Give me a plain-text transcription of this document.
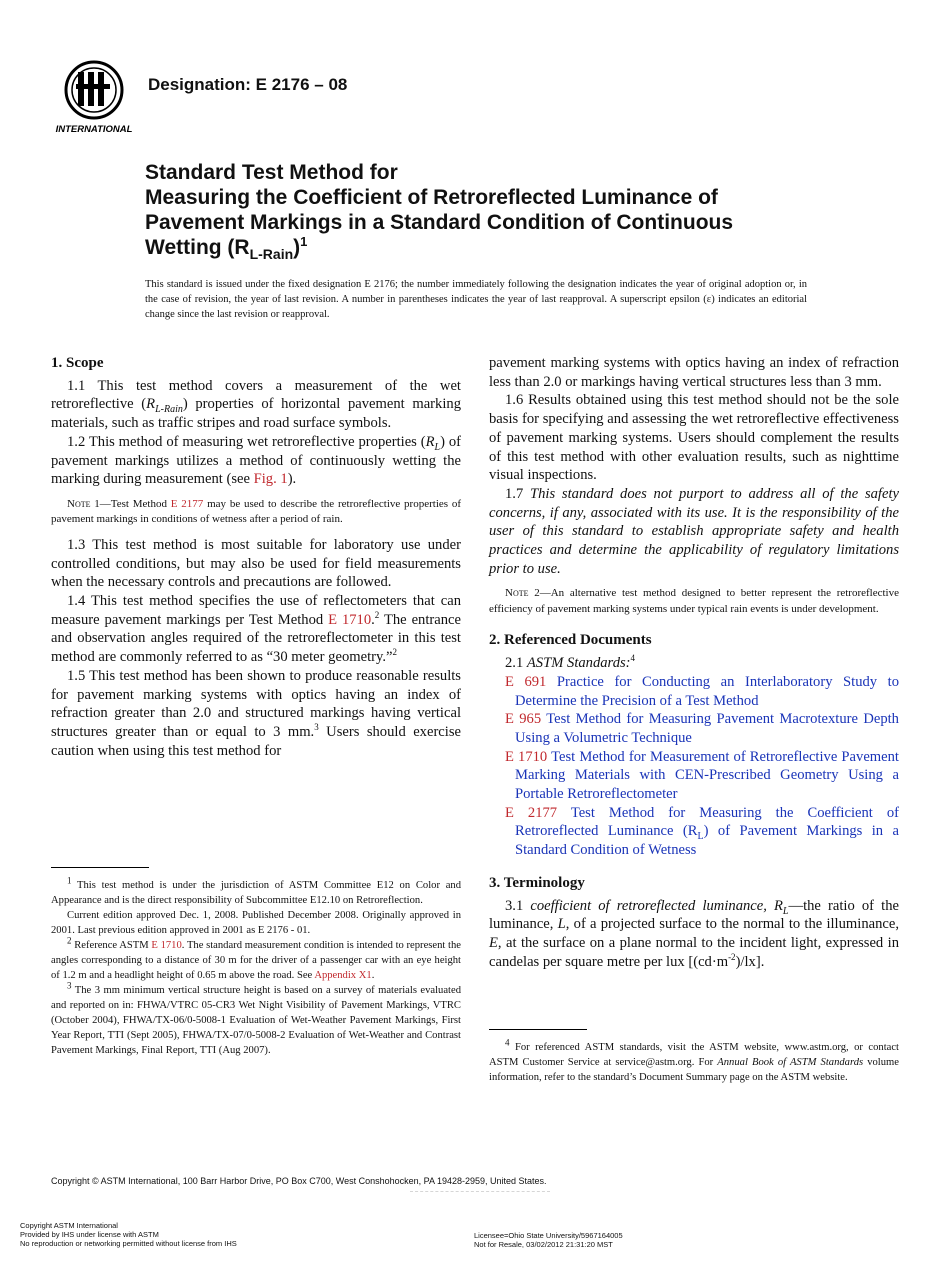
INTERNATIONAL
Designation: E 2176 – 08
Standard Test Method for
Measuring the Coefficient of Retroreflected Luminance of
Pavement Markings in a Standard Condition of Continuous
Wetting $(R_{L-Rain})^1$
This standard is issued under the fixed designation E 2176; the number immediately following the designation indicates the year of original adoption or, in the case of revision, the year of last revision. A number in parentheses indicates the year of last reapproval. A superscript epsilon (ε) indicates an editorial change since the last revision or reapproval.

1. Scope

1.1 This test method covers a measurement of the wet retroreflective $(R_{L-Rain})$ properties of horizontal pavement marking materials, such as traffic stripes and road surface symbols.

1.2 This method of measuring wet retroreflective properties $(R_L)$ of pavement markings utilizes a method of continuously wetting the marking during measurement (see Fig. 1).

Note 1—Test Method E 2177 may be used to describe the retroreflective properties of pavement markings in conditions of wetness after a period of rain.

1.3 This test method is most suitable for laboratory use under controlled conditions, but may also be used for field measurements when the necessary controls and precautions are followed.

1.4 This test method specifies the use of reflectometers that can measure pavement markings per Test Method E 1710.$^2$ The entrance and observation angles required of the retroreflectometer in this test method are commonly referred to as “30 meter geometry.”$^2$

1.5 This test method has been shown to produce reasonable results for pavement marking systems with optics having an index of refraction greater than 2.0 and structured markings having vertical structures greater than or equal to 3 mm.$^3$ Users should exercise caution when using this test method for

$^1$ This test method is under the jurisdiction of ASTM Committee E12 on Color and Appearance and is the direct responsibility of Subcommittee E12.10 on Retroreflection.

Current edition approved Dec. 1, 2008. Published December 2008. Originally approved in 2001. Last previous edition approved in 2001 as E 2176 - 01.

$^2$ Reference ASTM E 1710. The standard measurement condition is intended to represent the angles corresponding to a distance of 30 m for the driver of a passenger car with an eye height of 1.2 m and a headlight height of 0.65 m above the road. See Appendix X1.

$^3$ The 3 mm minimum vertical structure height is based on a survey of materials evaluated and reported on in: FHWA/VTRC 05-CR3 Wet Night Visibility of Pavement Markings, VTRC (October 2004), FHWA/TX-06/0-5008-1 Evaluation of Wet-Weather Pavement Markings, First Year Report, TTI (Sept 2005), FHWA/TX-07/0-5008-2 Evaluation of Wet-Weather and Contrast Pavement Markings, Final Report, TTI (Aug 2007).

pavement marking systems with optics having an index of refraction less than 2.0 or markings having vertical structures less than 3 mm.

1.6 Results obtained using this test method should not be the sole basis for specifying and assessing the wet retroreflective effectiveness of pavement marking systems. Users should complement the results of this test method with other evaluation results, such as nighttime visual inspections.

1.7 This standard does not purport to address all of the safety concerns, if any, associated with its use. It is the responsibility of the user of this standard to establish appropriate safety and health practices and determine the applicability of regulatory limitations prior to use.

Note 2—An alternative test method designed to better represent the retroreflective efficiency of pavement marking systems under typical rain events is under development.

2. Referenced Documents

2.1 ASTM Standards:$^4$

E 691 Practice for Conducting an Interlaboratory Study to Determine the Precision of a Test Method

E 965 Test Method for Measuring Pavement Macrotexture Depth Using a Volumetric Technique

E 1710 Test Method for Measurement of Retroreflective Pavement Marking Materials with CEN-Prescribed Geometry Using a Portable Retroreflectometer

E 2177 Test Method for Measuring the Coefficient of Retroreflected Luminance $(R_L)$ of Pavement Markings in a Standard Condition of Wetness

3. Terminology

3.1 coefficient of retroreflected luminance, $R_L—the$ ratio of the luminance, L, of a projected surface to the normal to the illuminance, E, at the surface on a plane normal to the incident light, expressed in candelas per square metre per lux $[(cd\cdot m^{-2})/lx]$.

$^4$ For referenced ASTM standards, visit the ASTM website, www.astm.org, or contact ASTM Customer Service at service@astm.org. For Annual Book of ASTM Standards volume information, refer to the standard’s Document Summary page on the ASTM website.

Copyright © ASTM International, 100 Barr Harbor Drive, PO Box C700, West Conshohocken, PA 19428-2959, United States.
Copyright ASTM International
Provided by IHS under license with ASTM
No reproduction or networking permitted without license from IHS
Licensee=Ohio State University/5967164005
Not for Resale, 03/02/2012 21:31:20 MST
